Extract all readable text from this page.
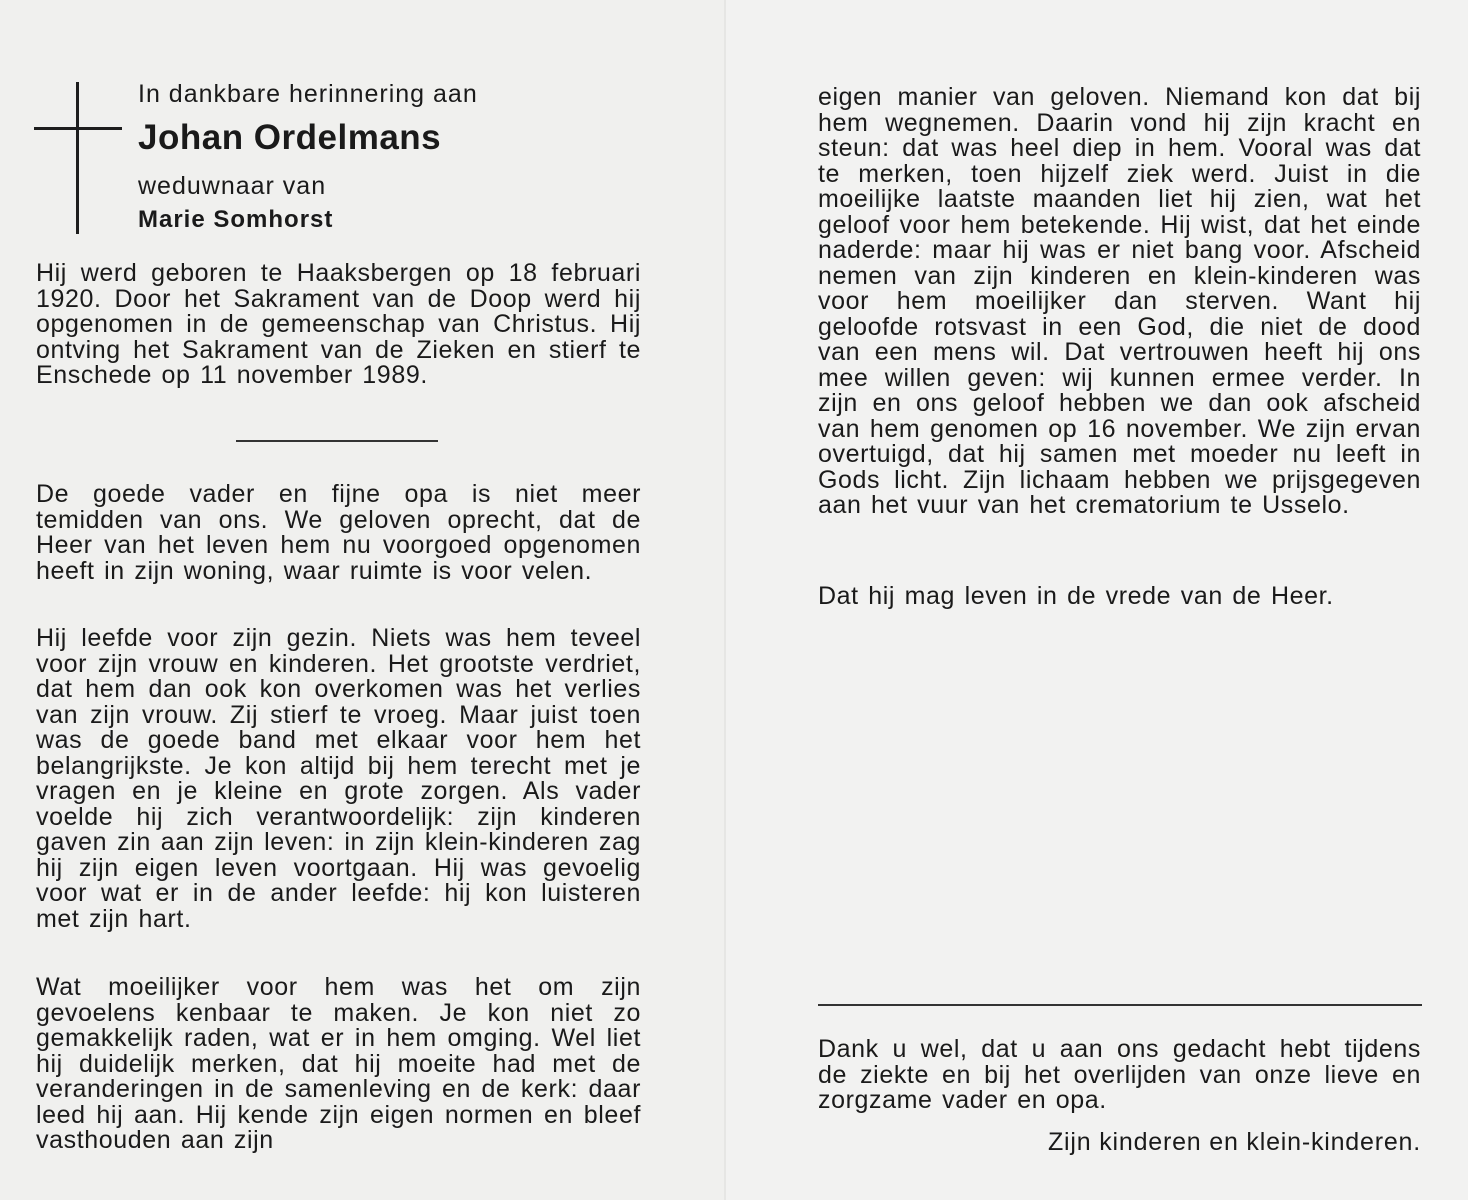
In dankbare herinnering aan
Johan Ordelmans
weduwnaar van
Marie Somhorst

Hij werd geboren te Haaksbergen op 18 februari 1920. Door het Sakrament van de Doop werd hij opgenomen in de gemeenschap van Christus. Hij ontving het Sakrament van de Zieken en stierf te Enschede op 11 november 1989.

De goede vader en fijne opa is niet meer temidden van ons. We geloven oprecht, dat de Heer van het leven hem nu voorgoed opgenomen heeft in zijn woning, waar ruimte is voor velen.

Hij leefde voor zijn gezin. Niets was hem teveel voor zijn vrouw en kinderen. Het grootste verdriet, dat hem dan ook kon overkomen was het verlies van zijn vrouw. Zij stierf te vroeg. Maar juist toen was de goede band met elkaar voor hem het belangrijkste. Je kon altijd bij hem terecht met je vragen en je kleine en grote zorgen. Als vader voelde hij zich verantwoordelijk: zijn kinderen gaven zin aan zijn leven: in zijn klein-kinderen zag hij zijn eigen leven voortgaan. Hij was gevoelig voor wat er in de ander leefde: hij kon luisteren met zijn hart.

Wat moeilijker voor hem was het om zijn gevoelens kenbaar te maken. Je kon niet zo gemakkelijk raden, wat er in hem omging. Wel liet hij duidelijk merken, dat hij moeite had met de veranderingen in de samenleving en de kerk: daar leed hij aan. Hij kende zijn eigen normen en bleef vasthouden aan zijn

eigen manier van geloven. Niemand kon dat bij hem wegnemen. Daarin vond hij zijn kracht en steun: dat was heel diep in hem. Vooral was dat te merken, toen hijzelf ziek werd. Juist in die moeilijke laatste maanden liet hij zien, wat het geloof voor hem betekende. Hij wist, dat het einde naderde: maar hij was er niet bang voor. Afscheid nemen van zijn kinderen en klein-kinderen was voor hem moeilijker dan sterven. Want hij geloofde rotsvast in een God, die niet de dood van een mens wil. Dat vertrouwen heeft hij ons mee willen geven: wij kunnen ermee verder. In zijn en ons geloof hebben we dan ook afscheid van hem genomen op 16 november. We zijn ervan overtuigd, dat hij samen met moeder nu leeft in Gods licht. Zijn lichaam hebben we prijsgegeven aan het vuur van het crematorium te Usselo.

Dat hij mag leven in de vrede van de Heer.

Dank u wel, dat u aan ons gedacht hebt tijdens de ziekte en bij het overlijden van onze lieve en zorgzame vader en opa.

Zijn kinderen en klein-kinderen.
